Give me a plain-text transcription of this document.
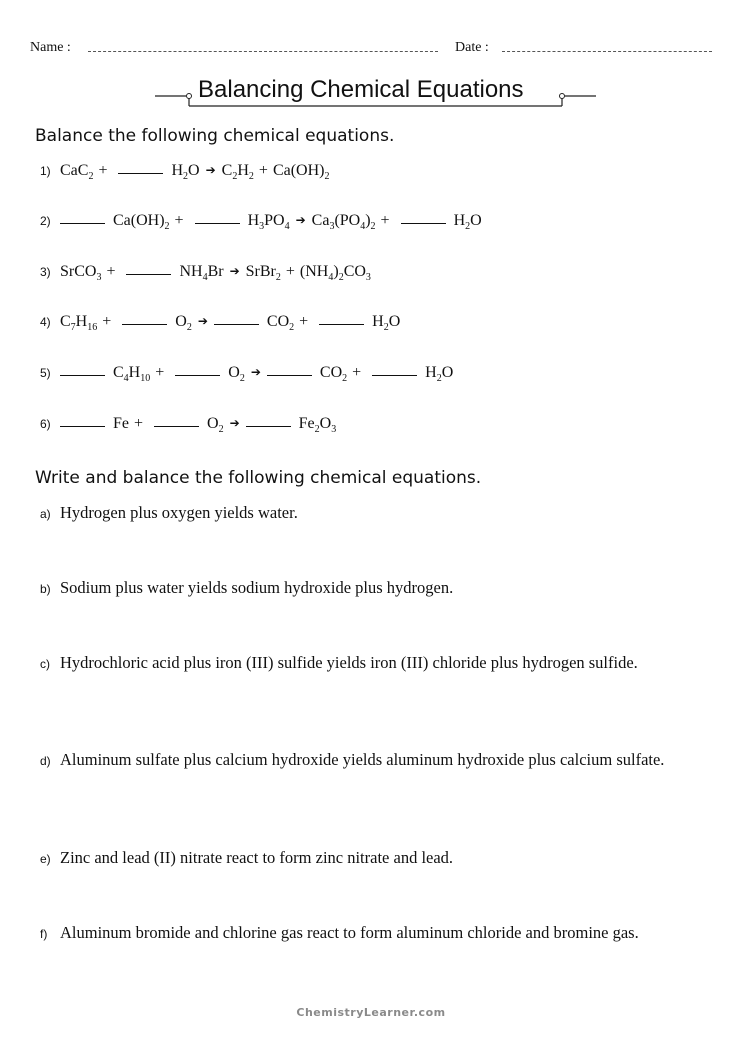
Name :	Date :
Balancing Chemical Equations
Balance the following chemical equations.
1) CaC$_2$ +	$H_2O$ ➔ $C_2H_2 + Ca(OH)_2$
2)	$Ca(OH)_2$ +	$H_3PO_4$ ➔ $Ca_3(PO_4)_2$ +	$H_2O$
3) SrCO$_3$ +	$NH_4Br$ ➔ SrBr$_2$ + $(NH_4)_2CO_3$
4) $C_7H_{16}$ +	$O_2$ ➔	$CO_2$ +	$H_2O$
5)	$C_4H_{10}$ +	$O_2$ ➔	$CO_2$ +	$H_2O$
6)	Fe +	$O_2$ ➔	$Fe_2O_3$
Write and balance the following chemical equations.
a) Hydrogen plus oxygen yields water.
b) Sodium plus water yields sodium hydroxide plus hydrogen.
c) Hydrochloric acid plus iron (III) sulfide yields iron (III) chloride plus hydrogen sulfide.
d) Aluminum sulfate plus calcium hydroxide yields aluminum hydroxide plus calcium sulfate.
e) Zinc and lead (II) nitrate react to form zinc nitrate and lead.
f) Aluminum bromide and chlorine gas react to form aluminum chloride and bromine gas.
ChemistryLearner.com
